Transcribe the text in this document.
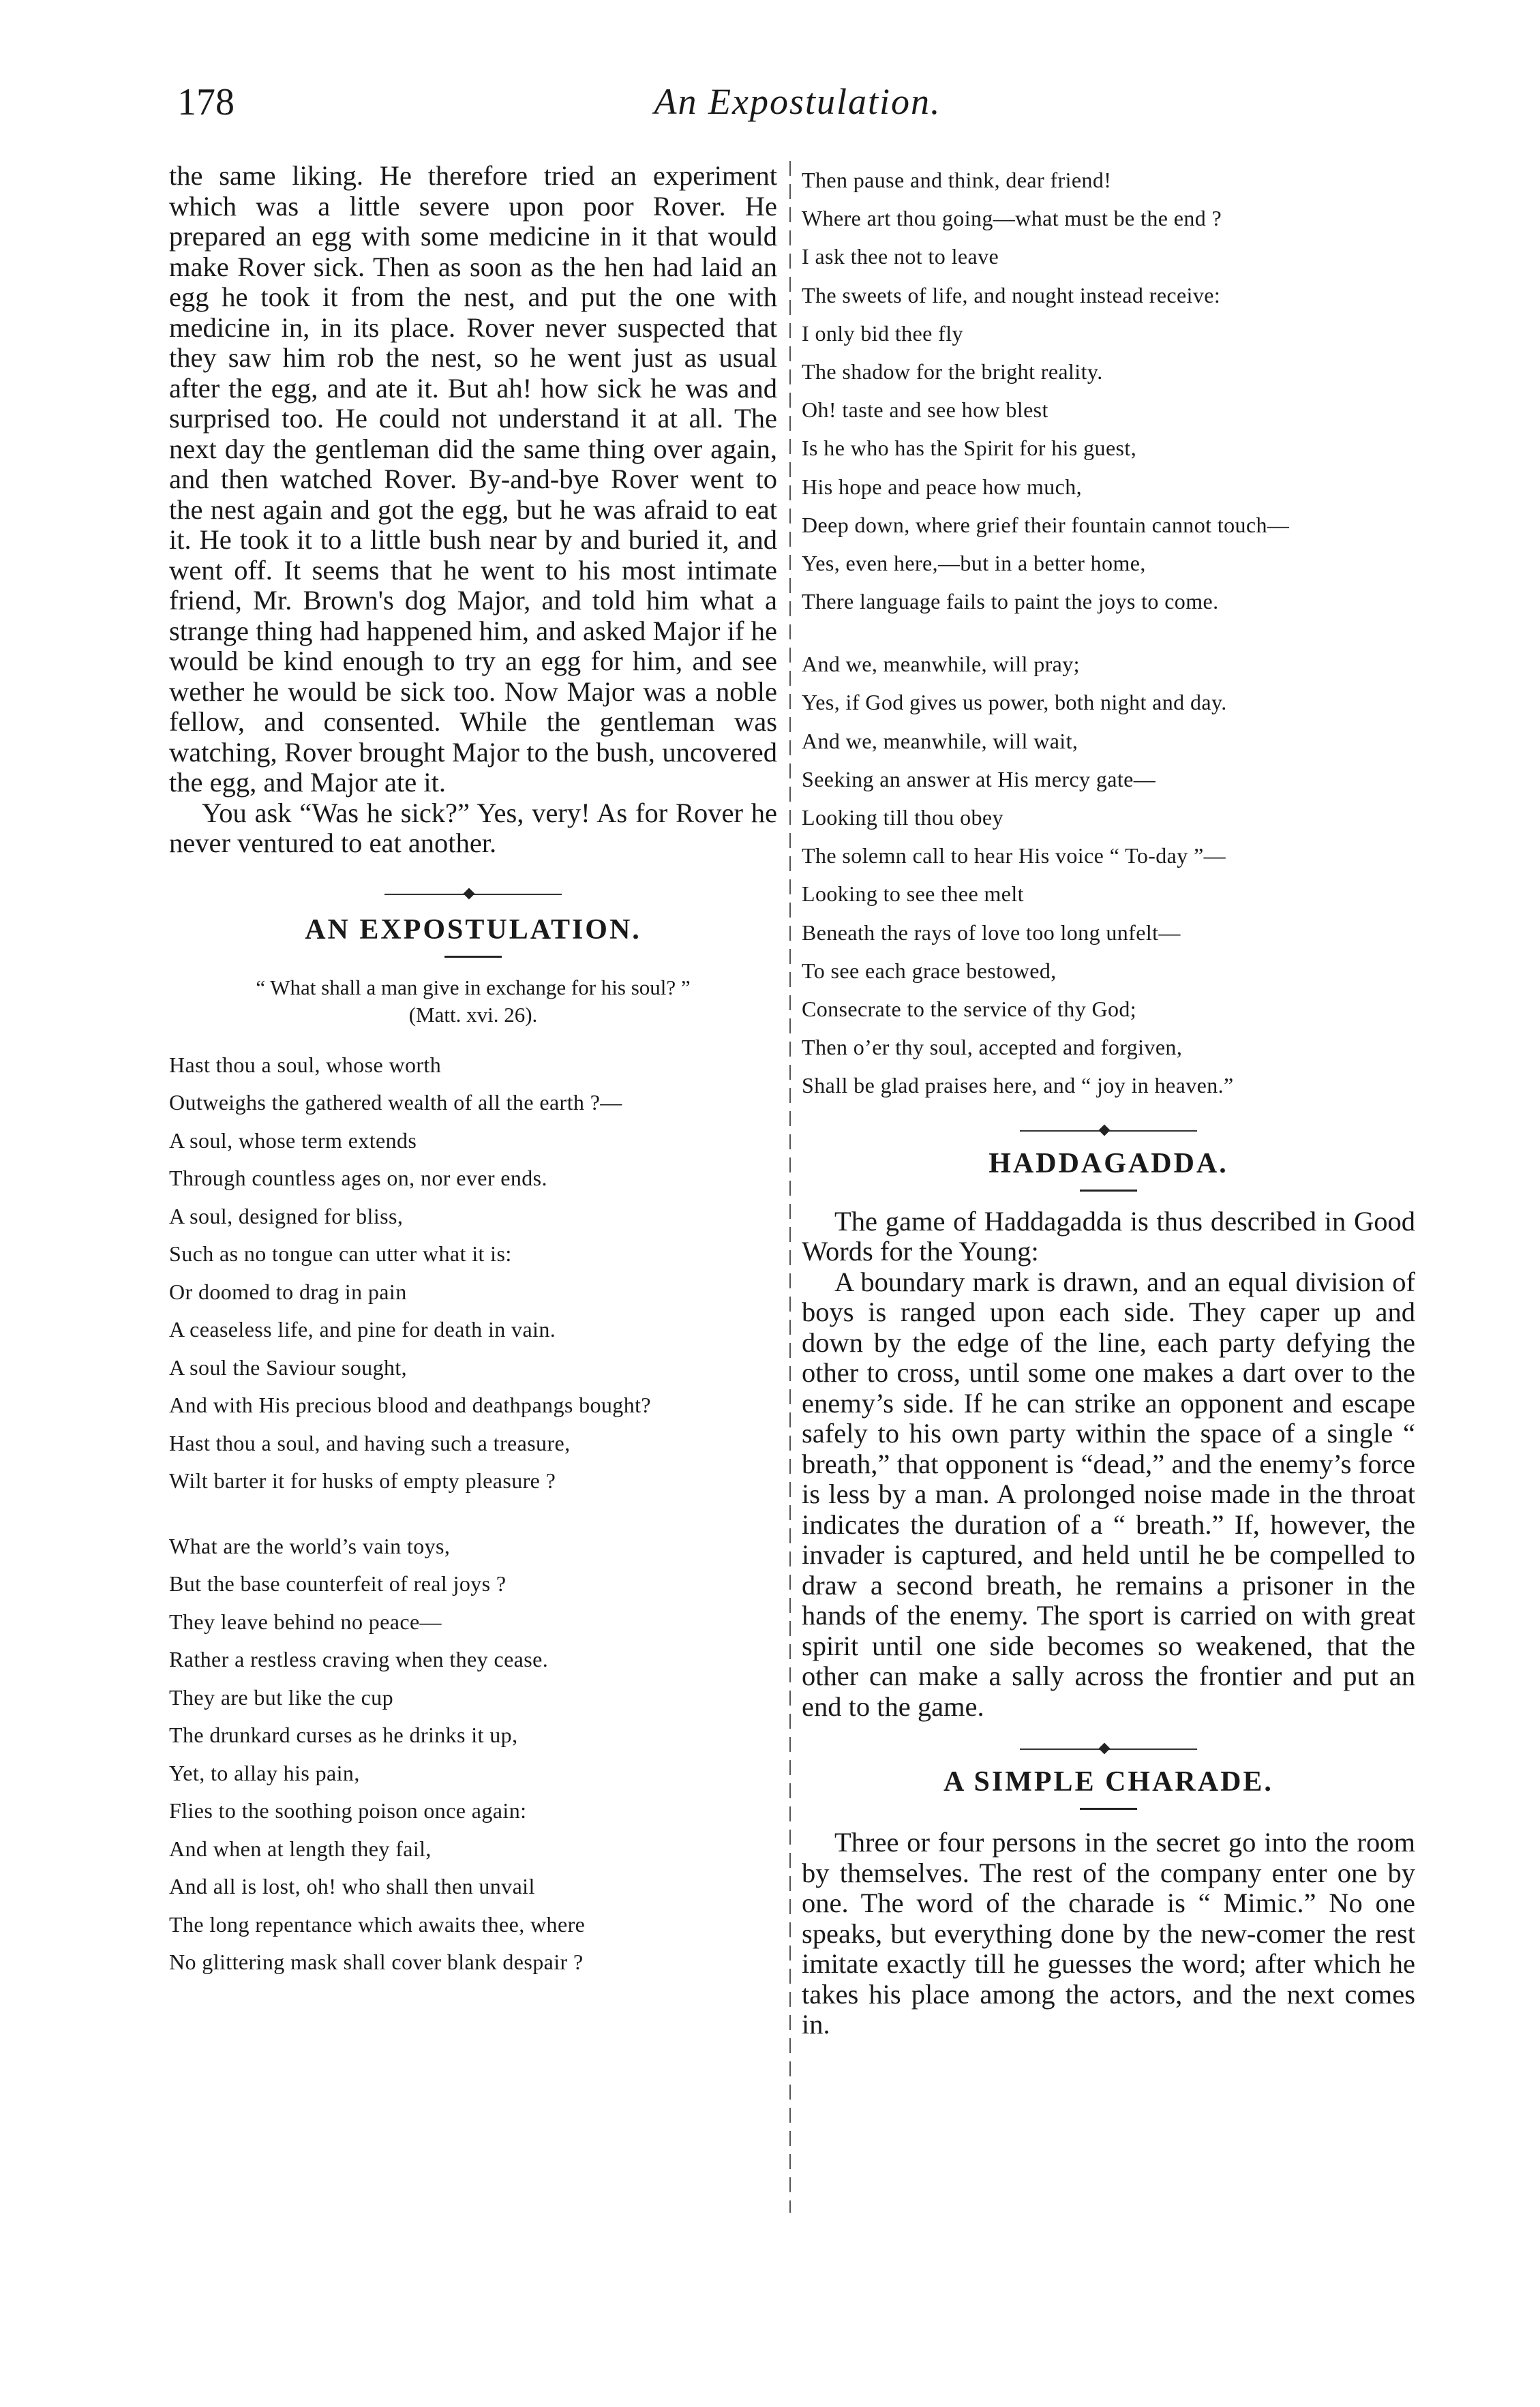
178	An Expostulation.

the same liking. He therefore tried an experiment which was a little severe upon poor Rover. He prepared an egg with some medicine in it that would make Rover sick. Then as soon as the hen had laid an egg he took it from the nest, and put the one with medicine in, in its place. Rover never suspected that they saw him rob the nest, so he went just as usual after the egg, and ate it. But ah! how sick he was and surprised too. He could not understand it at all. The next day the gentleman did the same thing over again, and then watched Rover. By-and-bye Rover went to the nest again and got the egg, but he was afraid to eat it. He took it to a little bush near by and buried it, and went off. It seems that he went to his most intimate friend, Mr. Brown's dog Major, and told him what a strange thing had happened him, and asked Major if he would be kind enough to try an egg for him, and see wether he would be sick too. Now Major was a noble fellow, and consented. While the gentleman was watching, Rover brought Major to the bush, uncovered the egg, and Major ate it.

You ask “Was he sick?” Yes, very! As for Rover he never ventured to eat another.

AN EXPOSTULATION.

“ What shall a man give in exchange for his soul? ”

(Matt. xvi. 26).

Hast thou a soul, whose worth
Outweighs the gathered wealth of all the earth ?—
A soul, whose term extends
Through countless ages on, nor ever ends.
A soul, designed for bliss,
Such as no tongue can utter what it is:
Or doomed to drag in pain
A ceaseless life, and pine for death in vain.
A soul the Saviour sought,
And with His precious blood and deathpangs bought?
Hast thou a soul, and having such a treasure,
Wilt barter it for husks of empty pleasure ?
What are the world’s vain toys,
But the base counterfeit of real joys ?
They leave behind no peace—
Rather a restless craving when they cease.
They are but like the cup
The drunkard curses as he drinks it up,
Yet, to allay his pain,
Flies to the soothing poison once again:
And when at length they fail,
And all is lost, oh! who shall then unvail
The long repentance which awaits thee, where
No glittering mask shall cover blank despair ?
Then pause and think, dear friend!
Where art thou going—what must be the end ?
I ask thee not to leave
The sweets of life, and nought instead receive:
I only bid thee fly
The shadow for the bright reality.
Oh! taste and see how blest
Is he who has the Spirit for his guest,
His hope and peace how much,
Deep down, where grief their fountain cannot touch—
Yes, even here,—but in a better home,
There language fails to paint the joys to come.
And we, meanwhile, will pray;
Yes, if God gives us power, both night and day.
And we, meanwhile, will wait,
Seeking an answer at His mercy gate—
Looking till thou obey
The solemn call to hear His voice “ To-day ”—
Looking to see thee melt
Beneath the rays of love too long unfelt—
To see each grace bestowed,
Consecrate to the service of thy God;
Then o’er thy soul, accepted and forgiven,
Shall be glad praises here, and “ joy in heaven.”
HADDAGADDA.

The game of Haddagadda is thus described in Good Words for the Young:

A boundary mark is drawn, and an equal division of boys is ranged upon each side. They caper up and down by the edge of the line, each party defying the other to cross, until some one makes a dart over to the enemy’s side. If he can strike an opponent and escape safely to his own party within the space of a single “ breath,” that opponent is “dead,” and the enemy’s force is less by a man. A prolonged noise made in the throat indicates the duration of a “ breath.” If, however, the invader is captured, and held until he be compelled to draw a second breath, he remains a prisoner in the hands of the enemy. The sport is carried on with great spirit until one side becomes so weakened, that the other can make a sally across the frontier and put an end to the game.

A SIMPLE CHARADE.

Three or four persons in the secret go into the room by themselves. The rest of the company enter one by one. The word of the charade is “ Mimic.” No one speaks, but everything done by the new-comer the rest imitate exactly till he guesses the word; after which he takes his place among the actors, and the next comes in.
